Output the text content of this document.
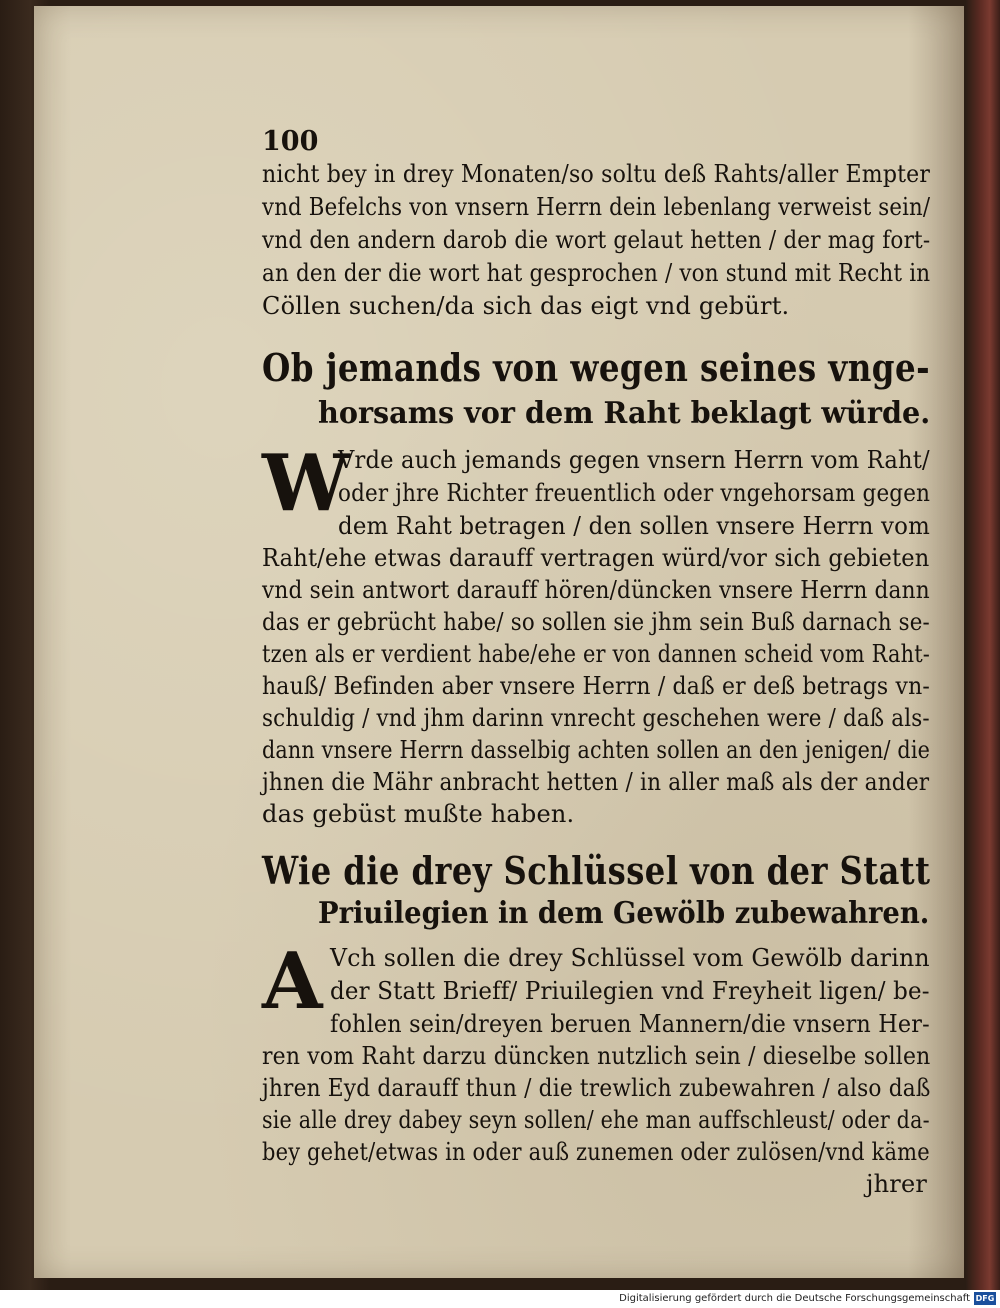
100
nicht bey in drey Monaten/so soltu deß Rahts/aller Empter
vnd Befelchs von vnsern Herrn dein lebenlang verweist sein/
vnd den andern darob die wort gelaut hetten / der mag fort-
an den der die wort hat gesprochen / von stund mit Recht in
Cöllen suchen/da sich das eigt vnd gebürt.
Ob jemands von wegen seines vnge-
horsams vor dem Raht beklagt würde.
W
Vrde auch jemands gegen vnsern Herrn vom Raht/
oder jhre Richter freuentlich oder vngehorsam gegen
dem Raht betragen / den sollen vnsere Herrn vom
Raht/ehe etwas darauff vertragen würd/vor sich gebieten
vnd sein antwort darauff hören/düncken vnsere Herrn dann
das er gebrücht habe/ so sollen sie jhm sein Buß darnach se-
tzen als er verdient habe/ehe er von dannen scheid vom Raht-
hauß/ Befinden aber vnsere Herrn / daß er deß betrags vn-
schuldig / vnd jhm darinn vnrecht geschehen were / daß als-
dann vnsere Herrn dasselbig achten sollen an den jenigen/ die
jhnen die Mähr anbracht hetten / in aller maß als der ander
das gebüst mußte haben.
Wie die drey Schlüssel von der Statt
Priuilegien in dem Gewölb zubewahren.
A Vch sollen die drey Schlüssel vom Gewölb darinn
der Statt Brieff/ Priuilegien vnd Freyheit ligen/ be-
fohlen sein/dreyen beruen Mannern/die vnsern Her-
ren vom Raht darzu düncken nutzlich sein / dieselbe sollen
jhren Eyd darauff thun / die trewlich zubewahren / also daß
sie alle drey dabey seyn sollen/ ehe man auffschleust/ oder da-
bey gehet/etwas in oder auß zunemen oder zulösen/vnd käme
jhrer
Digitalisierung gefördert durch die Deutsche Forschungsgemeinschaft DFG
